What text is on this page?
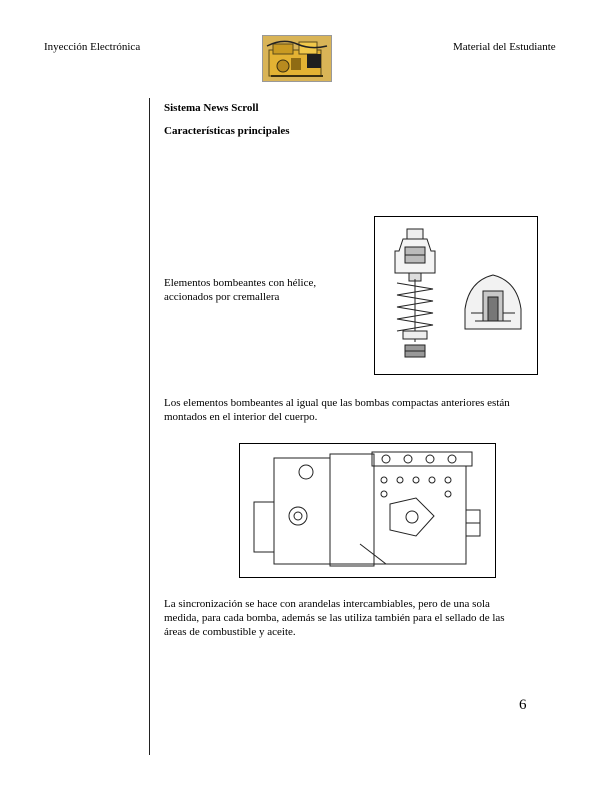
Inyección Electrónica	Material del Estudiante
Sistema News Scroll
Características principales
Elementos bombeantes con hélice,
accionados por cremallera
Los elementos bombeantes al igual que las bombas compactas anteriores están
montados en el interior del cuerpo.
La sincronización se hace con arandelas intercambiables, pero de una sola
medida, para cada bomba, además se las utiliza también para el sellado de las
áreas de combustible y aceite.
6
